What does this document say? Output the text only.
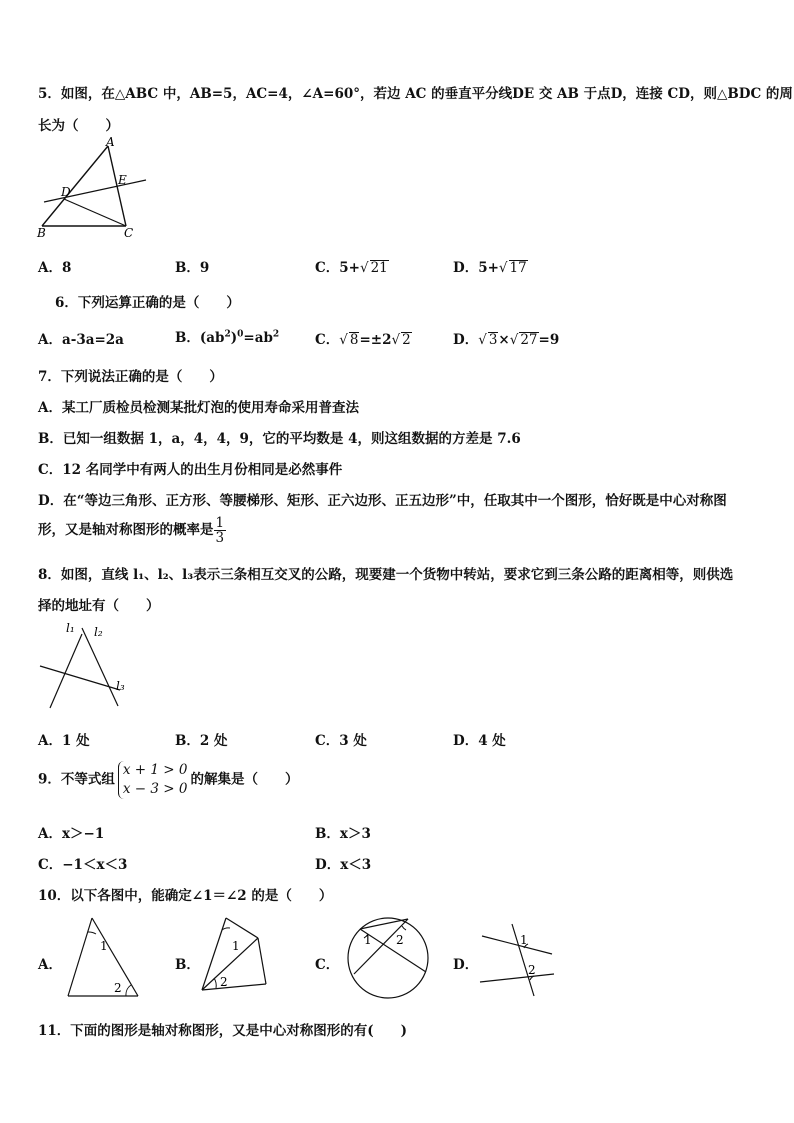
5．如图，在△ABC 中，AB=5，AC=4，∠A=60°，若边 AC 的垂直平分线DE 交 AB 于点D，连接 CD，则△BDC 的周
长为（　　）
A
D
E
B	C
A．8	B．9	C．5+√ 21	D．5+√ 17
6．下列运算正确的是（　　）
A．a-3a=2a	B．$(ab^2)^0=ab^2$	C．√ 8=±2√ 2	D．√ 3×√ 27=9
7．下列说法正确的是（　　）
A．某工厂质检员检测某批灯泡的使用寿命采用普查法
B．已知一组数据 1，a，4，4，9，它的平均数是 4，则这组数据的方差是 7.6
C．12 名同学中有两人的出生月份相同是必然事件
D．在“等边三角形、正方形、等腰梯形、矩形、正六边形、正五边形”中，任取其中一个图形，恰好既是中心对称图
形，又是轴对称图形的概率是 $\frac{1}{3}$
8．如图，直线 l₁、l₂、l₃表示三条相互交叉的公路，现要建一个货物中转站，要求它到三条公路的距离相等，则供选
择的地址有（　　）
l₁ l₂
l₃
A．1 处	B．2 处	C．3 处	D．4 处
9．不等式组
x + 1 > 0
x − 3 > 0
的解集是（　　）
A．x＞−1	B．x＞3
C．−1＜x＜3	D．x＜3
10．以下各图中，能确定∠1＝∠2 的是（　　）
A．
1
2
B．
1
2
C．
1 2
D．
1
2
11．下面的图形是轴对称图形，又是中心对称图形的有(　　)
